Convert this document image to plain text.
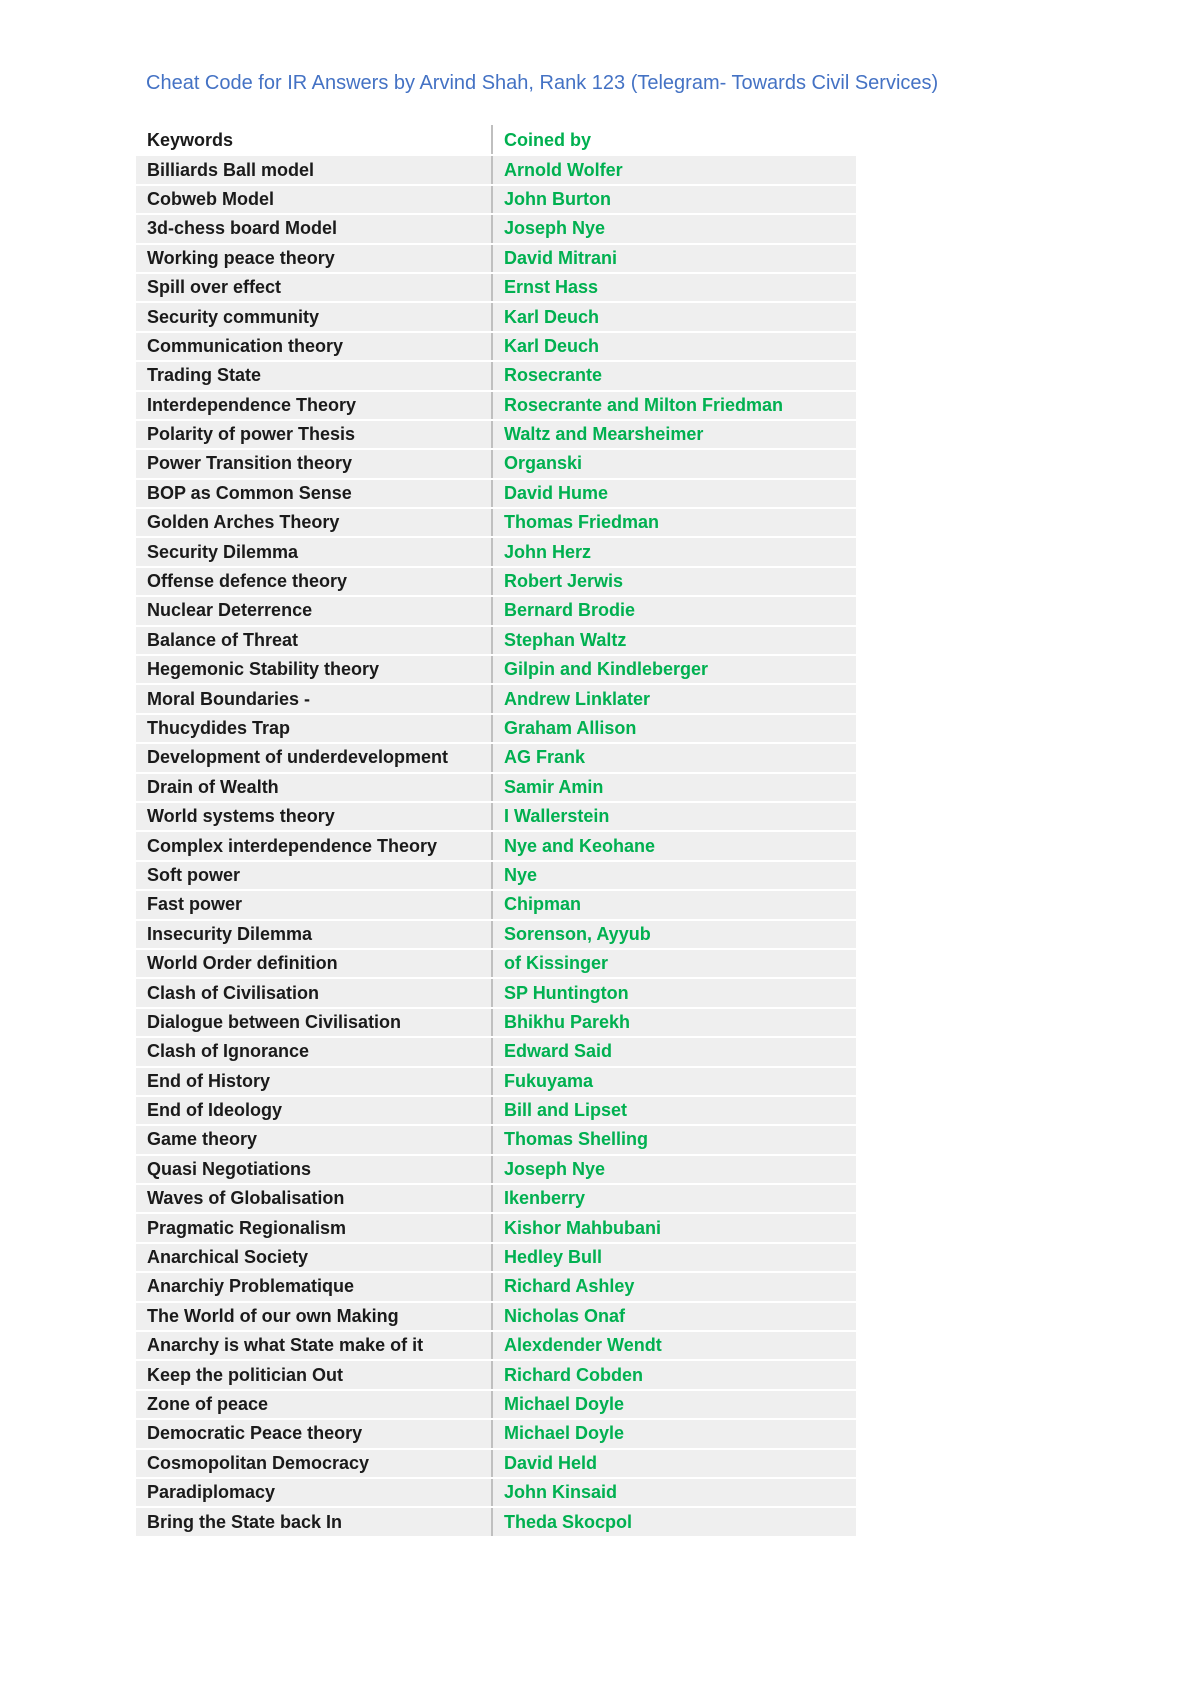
Cheat Code for IR Answers by Arvind Shah, Rank 123 (Telegram- Towards Civil Services)
Keywords	Coined by
Billiards Ball model	Arnold Wolfer
Cobweb Model	John Burton
3d-chess board Model	Joseph Nye
Working peace theory	David Mitrani
Spill over effect	Ernst Hass
Security community	Karl Deuch
Communication theory	Karl Deuch
Trading State	Rosecrante
Interdependence Theory	Rosecrante and Milton Friedman
Polarity of power Thesis	Waltz and Mearsheimer
Power Transition theory	Organski
BOP as Common Sense	David Hume
Golden Arches Theory	Thomas Friedman
Security Dilemma	John Herz
Offense defence theory	Robert Jerwis
Nuclear Deterrence	Bernard Brodie
Balance of Threat	Stephan Waltz
Hegemonic Stability theory	Gilpin and Kindleberger
Moral Boundaries -	Andrew Linklater
Thucydides Trap	Graham Allison
Development of underdevelopment	AG Frank
Drain of Wealth	Samir Amin
World systems theory	I Wallerstein
Complex interdependence Theory	Nye and Keohane
Soft power	Nye
Fast power	Chipman
Insecurity Dilemma	Sorenson, Ayyub
World Order definition	of Kissinger
Clash of Civilisation	SP Huntington
Dialogue between Civilisation	Bhikhu Parekh
Clash of Ignorance	Edward Said
End of History	Fukuyama
End of Ideology	Bill and Lipset
Game theory	Thomas Shelling
Quasi Negotiations	Joseph Nye
Waves of Globalisation	Ikenberry
Pragmatic Regionalism	Kishor Mahbubani
Anarchical Society	Hedley Bull
Anarchiy Problematique	Richard Ashley
The World of our own Making	Nicholas Onaf
Anarchy is what State make of it	Alexdender Wendt
Keep the politician Out	Richard Cobden
Zone of peace	Michael Doyle
Democratic Peace theory	Michael Doyle
Cosmopolitan Democracy	David Held
Paradiplomacy	John Kinsaid
Bring the State back In	Theda Skocpol
